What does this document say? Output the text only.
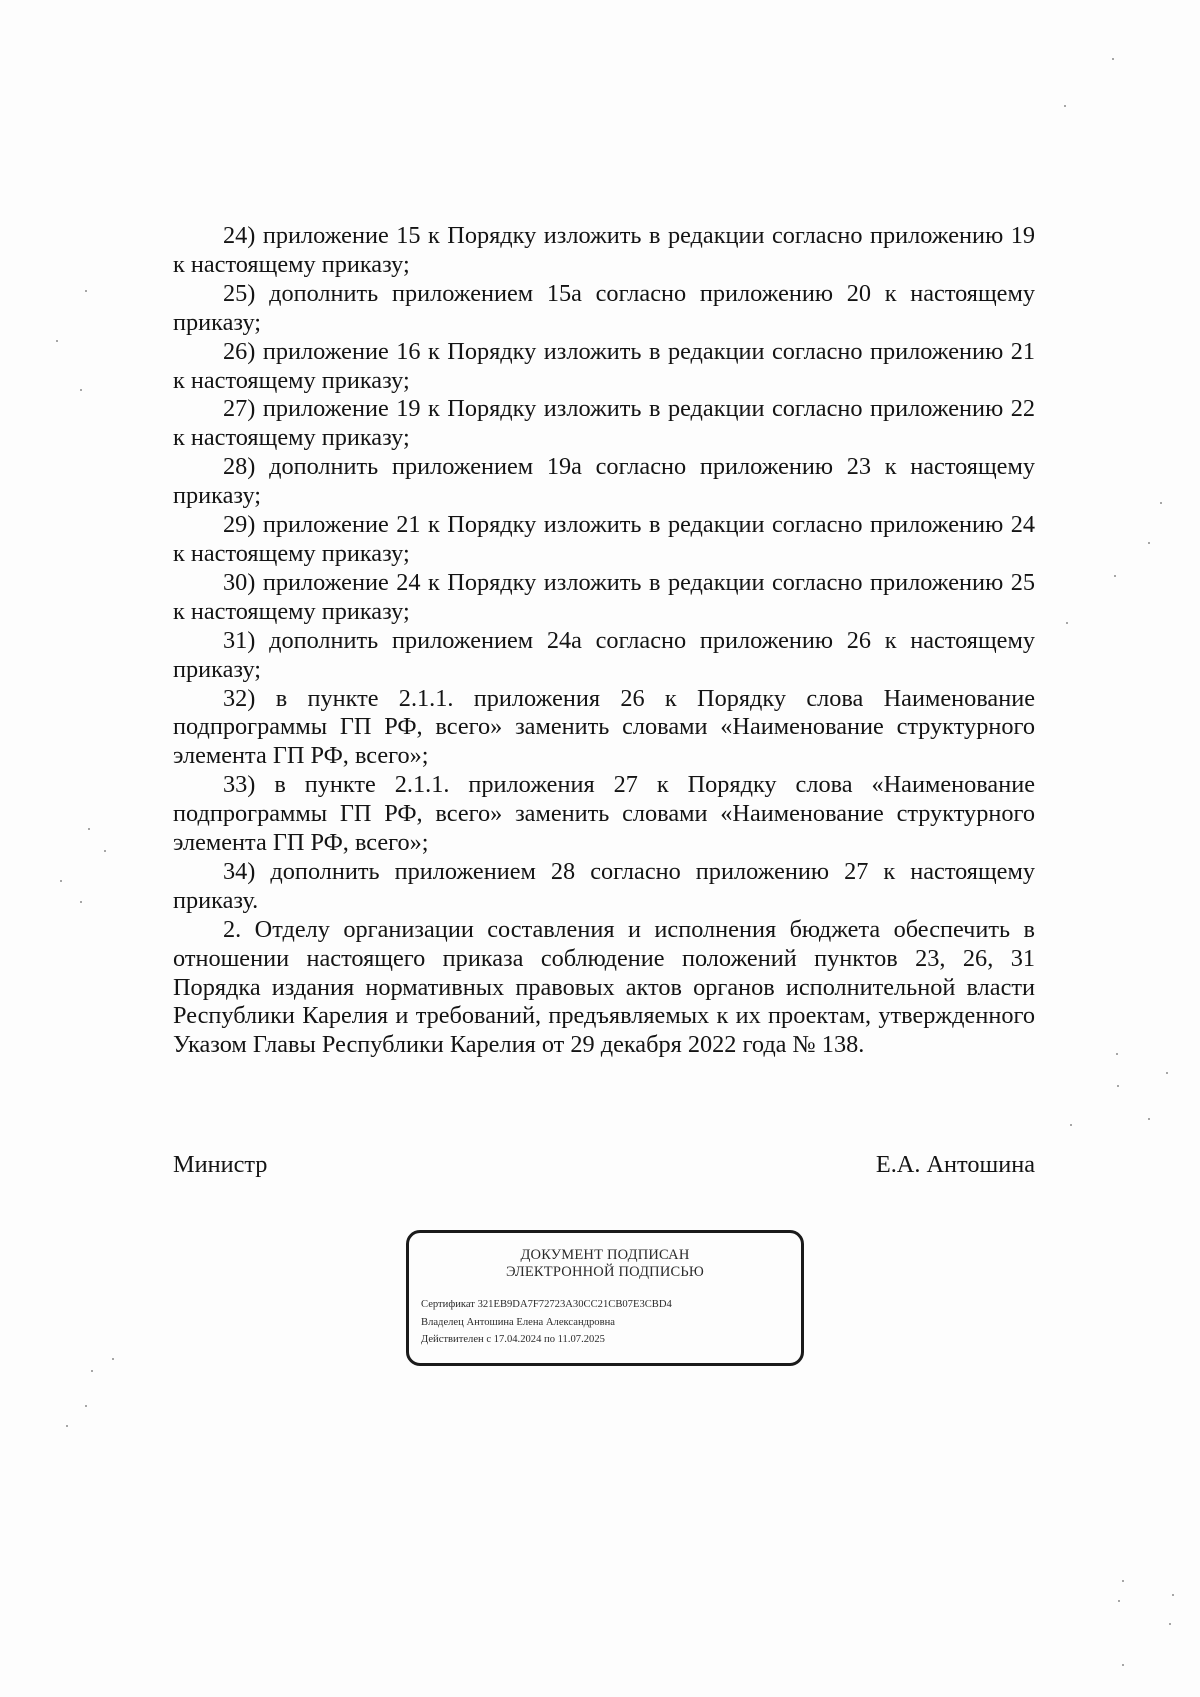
24) приложение 15 к Порядку изложить в редакции согласно приложению 19 к настоящему приказу;

25) дополнить приложением 15а согласно приложению 20 к настоящему приказу;

26) приложение 16 к Порядку изложить в редакции согласно приложению 21 к настоящему приказу;

27) приложение 19 к Порядку изложить в редакции согласно приложению 22 к настоящему приказу;

28) дополнить приложением 19а согласно приложению 23 к настоящему приказу;

29) приложение 21 к Порядку изложить в редакции согласно приложению 24 к настоящему приказу;

30) приложение 24 к Порядку изложить в редакции согласно приложению 25 к настоящему приказу;

31) дополнить приложением 24а согласно приложению 26 к настоящему приказу;

32) в пункте 2.1.1. приложения 26 к Порядку слова Наименование подпрограммы ГП РФ, всего» заменить словами «Наименование структурного элемента ГП РФ, всего»;

33) в пункте 2.1.1. приложения 27 к Порядку слова «Наименование подпрограммы ГП РФ, всего» заменить словами «Наименование структурного элемента ГП РФ, всего»;

34) дополнить приложением 28 согласно приложению 27 к настоящему приказу.

2. Отделу организации составления и исполнения бюджета обеспечить в отношении настоящего приказа соблюдение положений пунктов 23, 26, 31 Порядка издания нормативных правовых актов органов исполнительной власти Республики Карелия и требований, предъявляемых к их проектам, утвержденного Указом Главы Республики Карелия от 29 декабря 2022 года № 138.

Министр	Е.А. Антошина
ДОКУМЕНТ ПОДПИСАН
ЭЛЕКТРОННОЙ ПОДПИСЬЮ
Сертификат 321EB9DA7F72723A30CC21CB07E3CBD4
Владелец Антошина Елена Александровна
Действителен с 17.04.2024 по 11.07.2025
